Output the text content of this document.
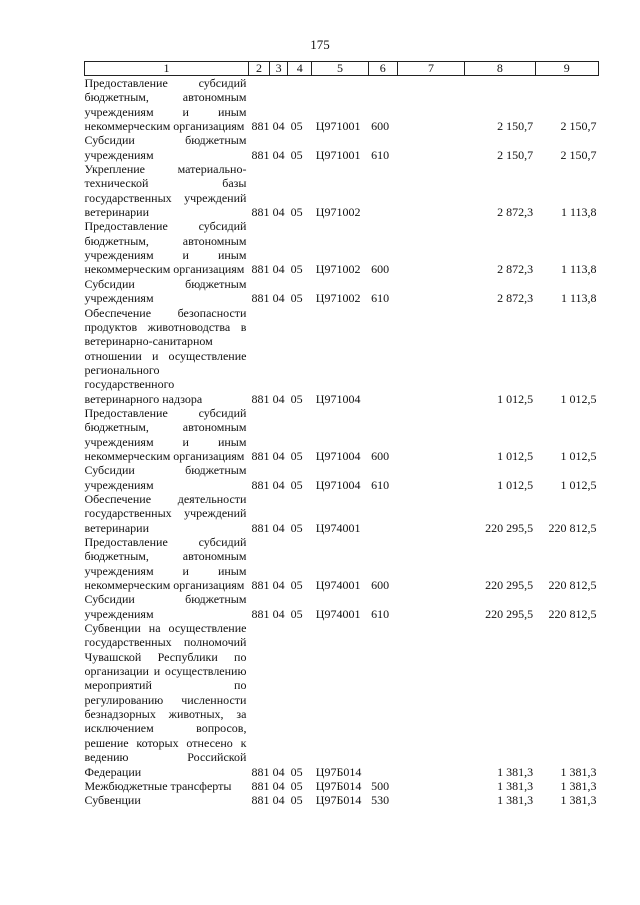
175
1	2	3	4	5	6	7	8	9
Предоставление субсидий бюджетным, автономным учреждениям и иным некоммерческим организациям	881	04	05	Ц971001	600		2 150,7	2 150,7
Субсидии бюджетным учреждениям	881	04	05	Ц971001	610		2 150,7	2 150,7
Укрепление материально-технической базы государственных учреждений ветеринарии	881	04	05	Ц971002			2 872,3	1 113,8
Предоставление субсидий бюджетным, автономным учреждениям и иным некоммерческим организациям	881	04	05	Ц971002	600		2 872,3	1 113,8
Субсидии бюджетным учреждениям	881	04	05	Ц971002	610		2 872,3	1 113,8
Обеспечение безопасности продуктов животноводства в ветеринарно-санитарном отношении и осуществление регионального государственного ветеринарного надзора	881	04	05	Ц971004			1 012,5	1 012,5
Предоставление субсидий бюджетным, автономным учреждениям и иным некоммерческим организациям	881	04	05	Ц971004	600		1 012,5	1 012,5
Субсидии бюджетным учреждениям	881	04	05	Ц971004	610		1 012,5	1 012,5
Обеспечение деятельности государственных учреждений ветеринарии	881	04	05	Ц974001			220 295,5	220 812,5
Предоставление субсидий бюджетным, автономным учреждениям и иным некоммерческим организациям	881	04	05	Ц974001	600		220 295,5	220 812,5
Субсидии бюджетным учреждениям	881	04	05	Ц974001	610		220 295,5	220 812,5
Субвенции на осуществление государственных полномочий Чувашской Республики по организации и осуществлению мероприятий по регулированию численности безнадзорных животных, за исключением вопросов, решение которых отнесено к ведению Российской Федерации	881	04	05	Ц97Б014			1 381,3	1 381,3
Межбюджетные трансферты	881	04	05	Ц97Б014	500		1 381,3	1 381,3
Субвенции	881	04	05	Ц97Б014	530		1 381,3	1 381,3
